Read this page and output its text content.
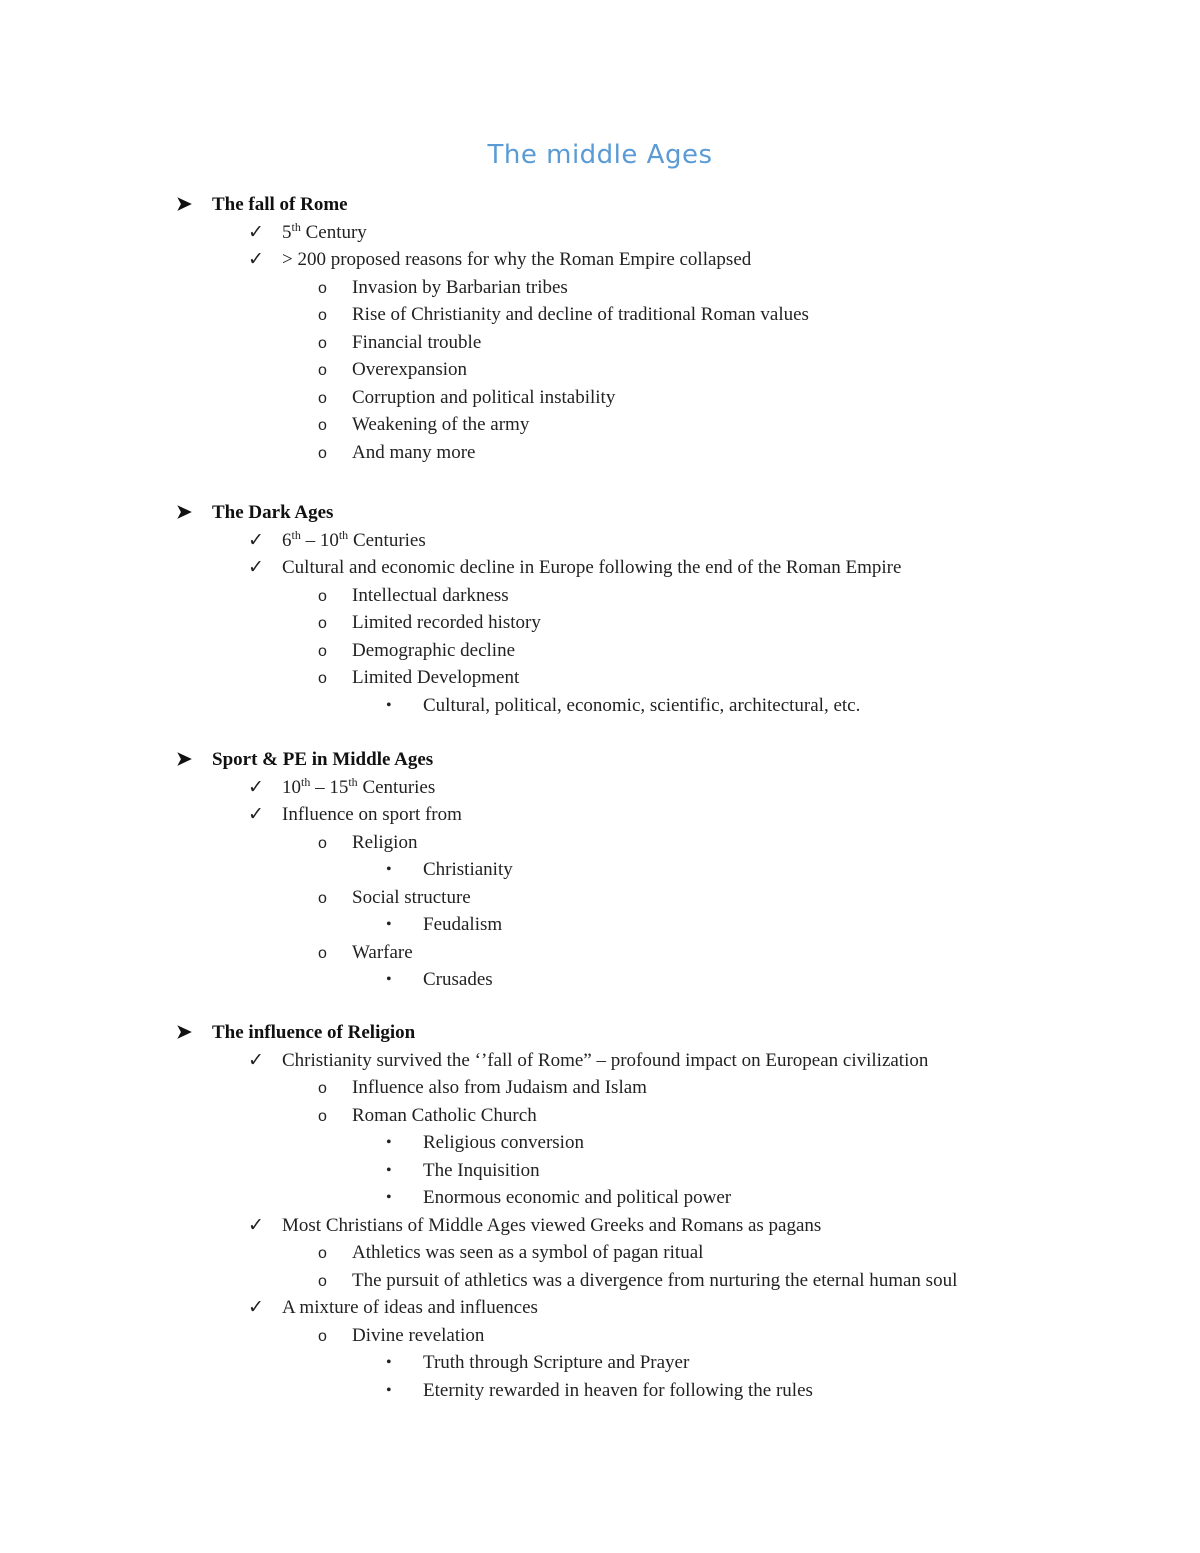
The middle Ages
➤ The fall of Rome
✓ 5th Century
✓ > 200 proposed reasons for why the Roman Empire collapsed
o Invasion by Barbarian tribes
o Rise of Christianity and decline of traditional Roman values
o Financial trouble
o Overexpansion
o Corruption and political instability
o Weakening of the army
o And many more
➤ The Dark Ages
✓ 6th – 10th Centuries
✓ Cultural and economic decline in Europe following the end of the Roman Empire
o Intellectual darkness
o Limited recorded history
o Demographic decline
o Limited Development
• Cultural, political, economic, scientific, architectural, etc.
➤ Sport & PE in Middle Ages
✓ 10th – 15th Centuries
✓ Influence on sport from
o Religion
• Christianity
o Social structure
• Feudalism
o Warfare
• Crusades
➤ The influence of Religion
✓ Christianity survived the ‘’fall of Rome” – profound impact on European civilization
o Influence also from Judaism and Islam
o Roman Catholic Church
• Religious conversion
• The Inquisition
• Enormous economic and political power
✓ Most Christians of Middle Ages viewed Greeks and Romans as pagans
o Athletics was seen as a symbol of pagan ritual
o The pursuit of athletics was a divergence from nurturing the eternal human soul
✓ A mixture of ideas and influences
o Divine revelation
• Truth through Scripture and Prayer
• Eternity rewarded in heaven for following the rules
